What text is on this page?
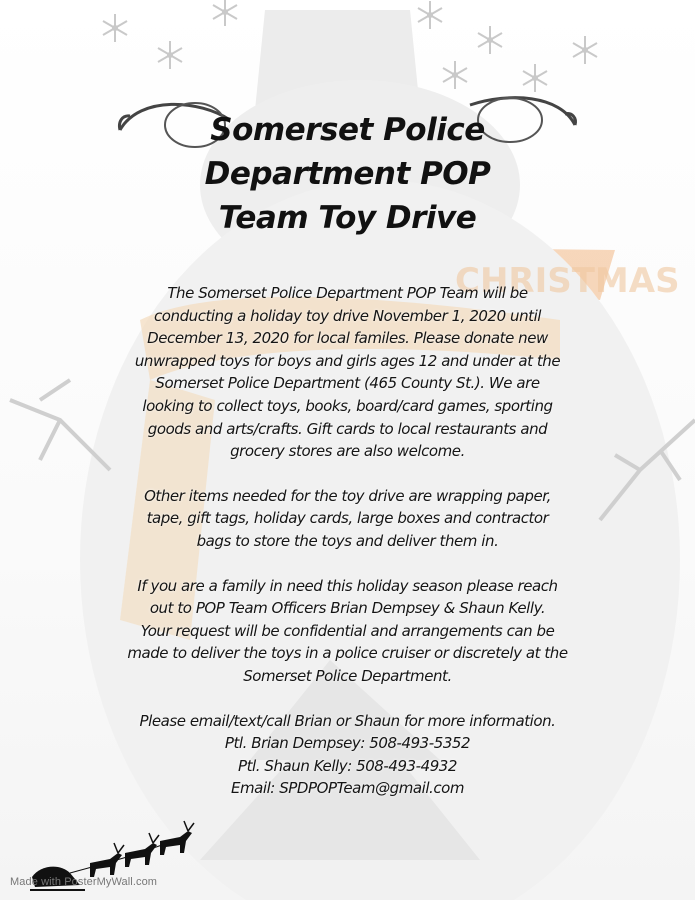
CHRISTMAS
Somerset Police
Department POP
Team Toy Drive

The Somerset Police Department POP Team will be
conducting a holiday toy drive November 1, 2020 until
December 13, 2020 for local familes. Please donate new
unwrapped toys for boys and girls ages 12 and under at the
Somerset Police Department (465 County St.). We are
looking to collect toys, books, board/card games, sporting
goods and arts/crafts. Gift cards to local restaurants and
grocery stores are also welcome.

Other items needed for the toy drive are wrapping paper,
tape, gift tags, holiday cards, large boxes and contractor
bags to store the toys and deliver them in.

If you are a family in need this holiday season please reach
out to POP Team Officers Brian Dempsey & Shaun Kelly.
Your request will be confidential and arrangements can be
made to deliver the toys in a police cruiser or discretely at the
Somerset Police Department.

Please email/text/call Brian or Shaun for more information.
Ptl. Brian Dempsey: 508-493-5352
Ptl. Shaun Kelly: 508-493-4932
Email: SPDPOPTeam@gmail.com

Made with PosterMyWall.com
